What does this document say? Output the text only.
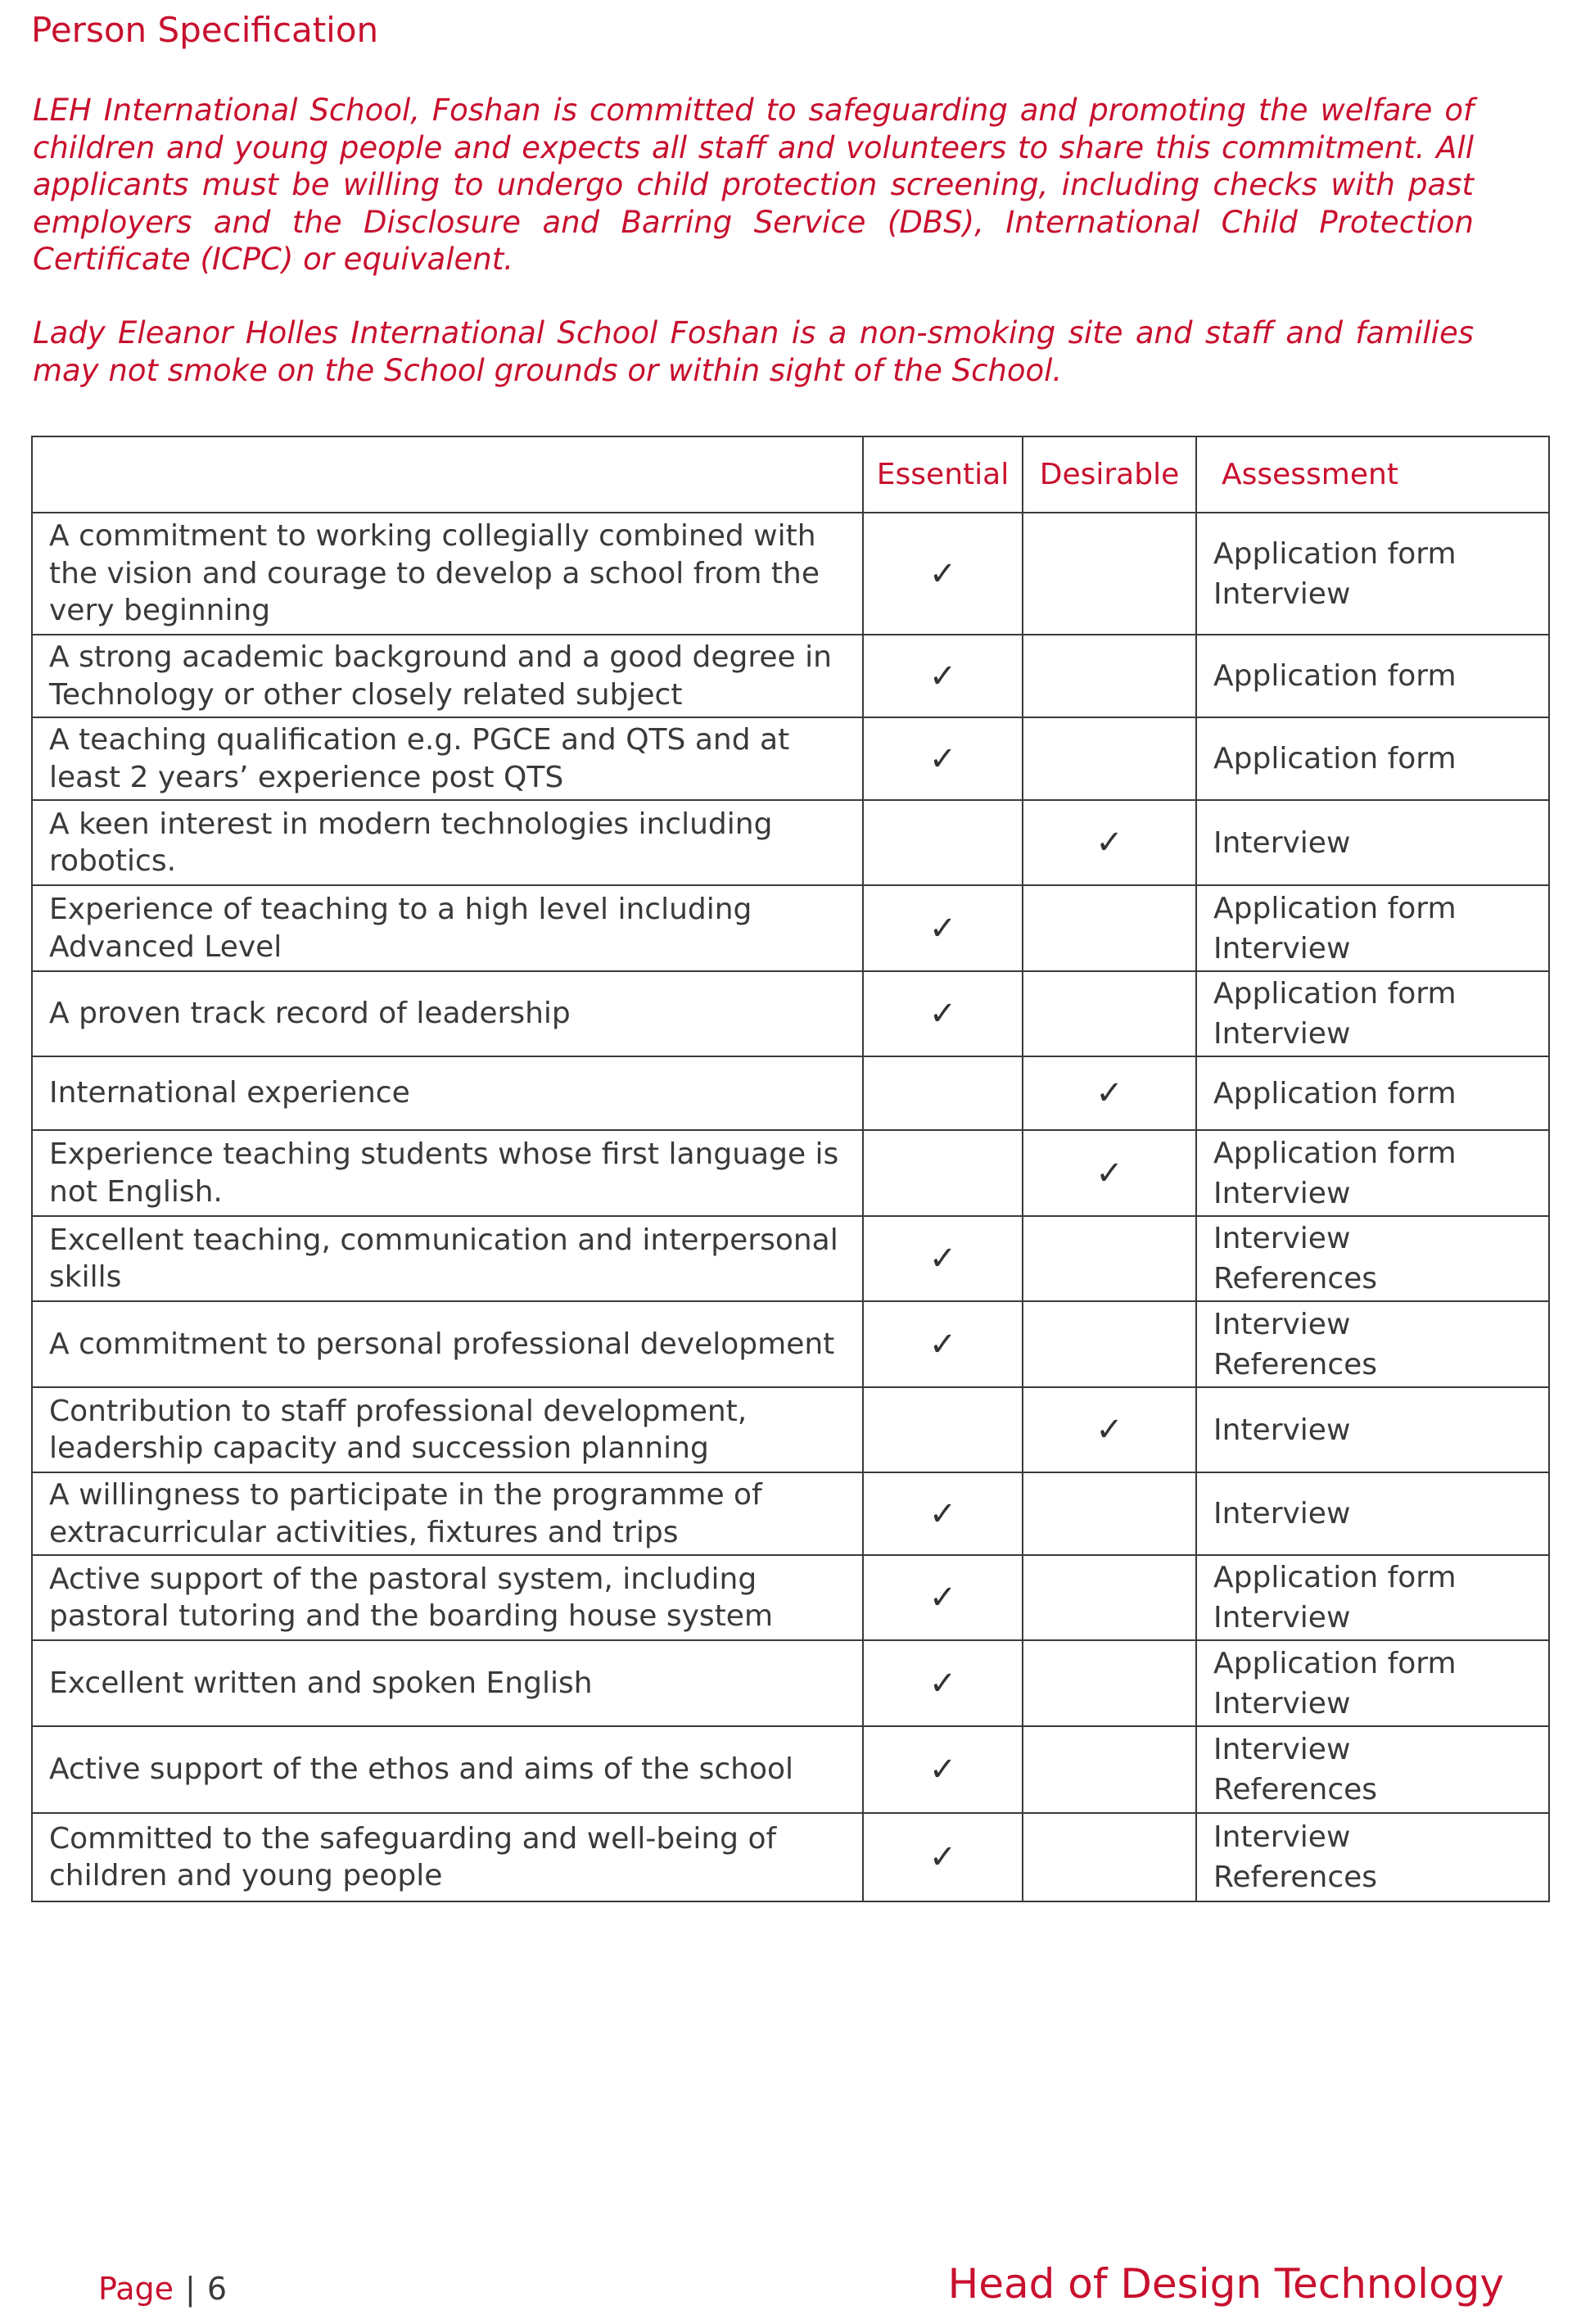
Person Specification

LEH International School, Foshan is committed to safeguarding and promoting the welfare of children and young people and expects all staff and volunteers to share this commitment. All applicants must be willing to undergo child protection screening, including checks with past employers and the Disclosure and Barring Service (DBS), International Child Protection Certificate (ICPC) or equivalent.

Lady Eleanor Holles International School Foshan is a non-smoking site and staff and families may not smoke on the School grounds or within sight of the School.

	Essential	Desirable	Assessment
A commitment to working collegially combined with the vision and courage to develop a school from the very beginning	✓		Application form
Interview

A strong academic background and a good degree in Technology or other closely related subject	✓		Application form

A teaching qualification e.g. PGCE and QTS and at least 2 years’ experience post QTS	✓		Application form

A keen interest in modern technologies including robotics.		✓	Interview

Experience of teaching to a high level including Advanced Level	✓		Application form
Interview

A proven track record of leadership	✓		Application form
Interview

International experience		✓	Application form

Experience teaching students whose first language is not English.		✓	Application form
Interview

Excellent teaching, communication and interpersonal skills	✓		Interview
References

A commitment to personal professional development	✓		Interview
References

Contribution to staff professional development, leadership capacity and succession planning		✓	Interview

A willingness to participate in the programme of extracurricular activities, fixtures and trips	✓		Interview

Active support of the pastoral system, including pastoral tutoring and the boarding house system	✓		Application form
Interview

Excellent written and spoken English	✓		Application form
Interview

Active support of the ethos and aims of the school	✓		Interview
References

Committed to the safeguarding and well-being of children and young people	✓		Interview
References
Page | 6	Head of Design Technology
